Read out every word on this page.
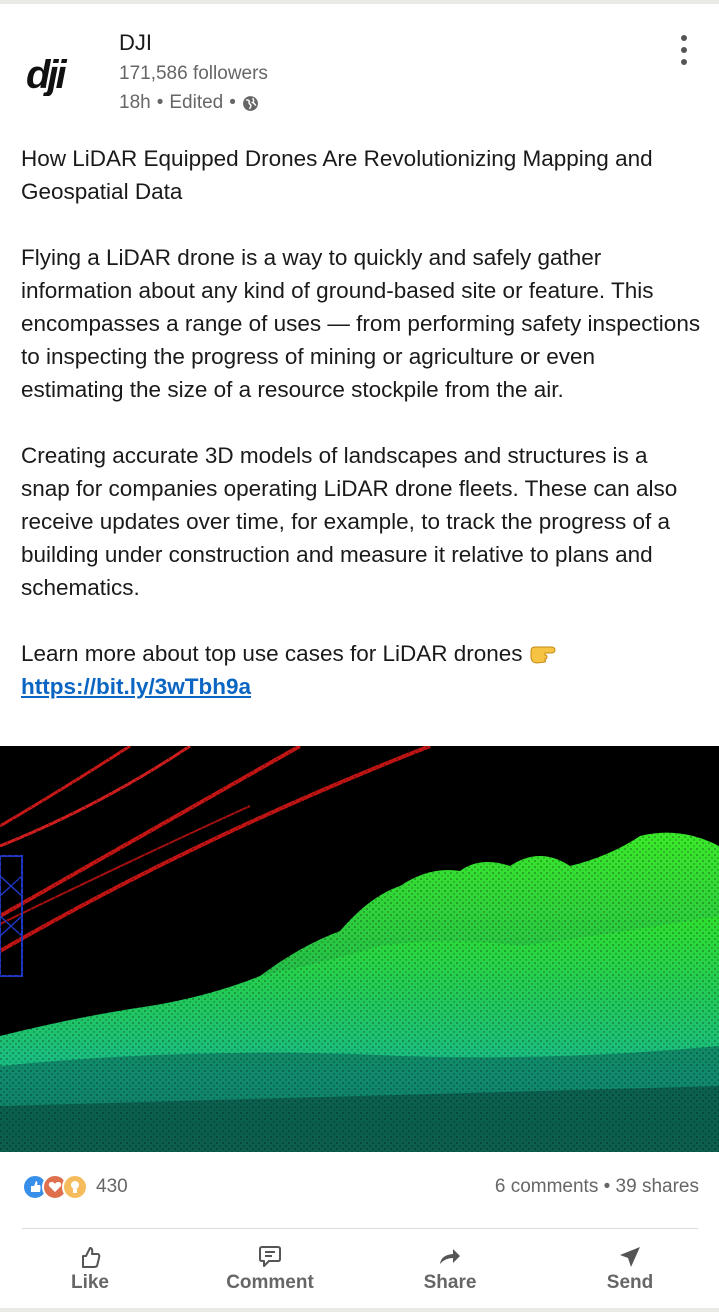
dji
DJI
171,586 followers
18h • Edited •

How LiDAR Equipped Drones Are Revolutionizing Mapping and Geospatial Data

Flying a LiDAR drone is a way to quickly and safely gather information about any kind of ground-based site or feature. This encompasses a range of uses — from performing safety inspections to inspecting the progress of mining or agriculture or even estimating the size of a resource stockpile from the air.

Creating accurate 3D models of landscapes and structures is a snap for companies operating LiDAR drone fleets. These can also receive updates over time, for example, to track the progress of a building under construction and measure it relative to plans and schematics.

Learn more about top use cases for LiDAR drones
https://bit.ly/3wTbh9a

430	6 comments • 39 shares
Like	Comment	Share	Send
